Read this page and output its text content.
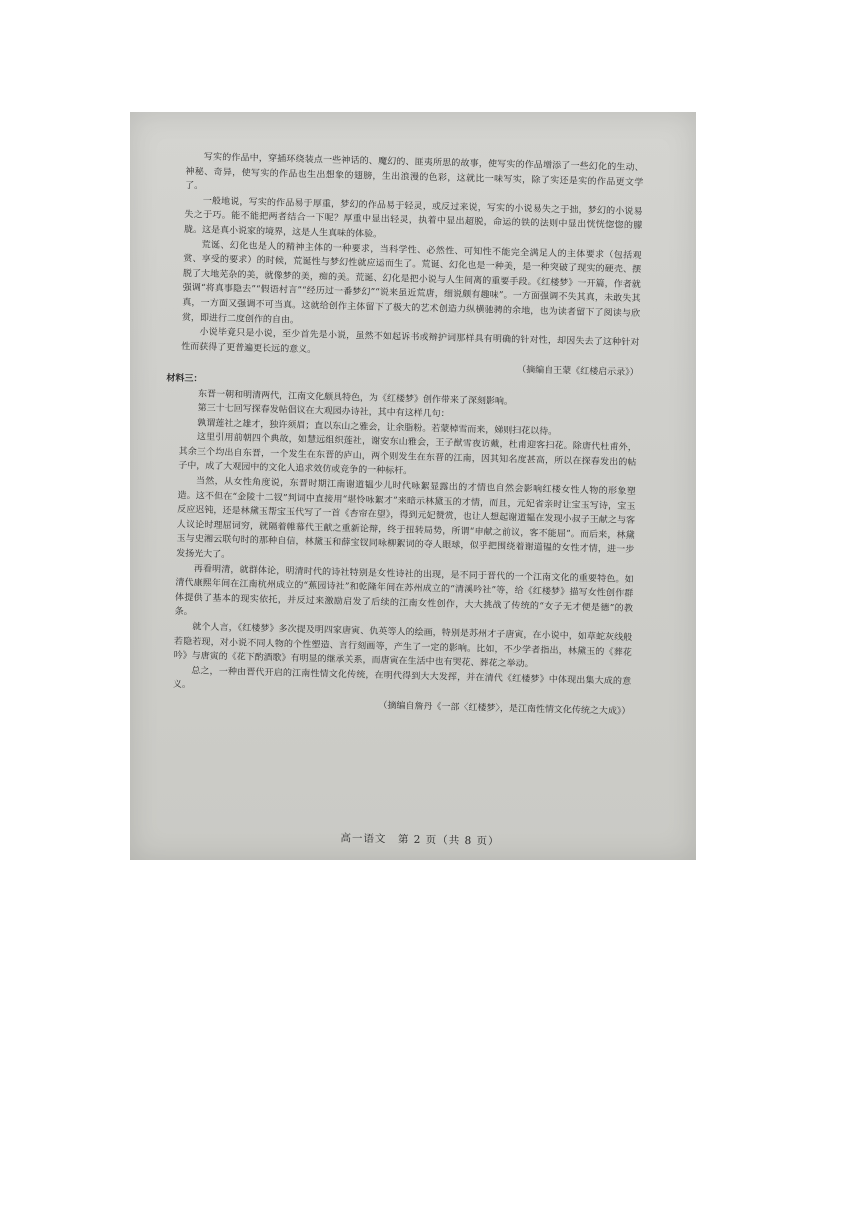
写实的作品中，穿插环绕装点一些神话的、魔幻的、匪夷所思的故事，使写实的作品增添了一些幻化的生动、神秘、奇异，使写实的作品也生出想象的翅膀，生出浪漫的色彩，这就比一味写实，除了实还是实的作品更文学了。

一般地说，写实的作品易于厚重，梦幻的作品易于轻灵，或反过来说，写实的小说易失之于拙，梦幻的小说易失之于巧。能不能把两者结合一下呢？厚重中显出轻灵，执着中显出超脱，命运的铁的法则中显出恍恍惚惚的朦胧。这是真小说家的境界，这是人生真味的体验。

荒诞、幻化也是人的精神主体的一种要求，当科学性、必然性、可知性不能完全满足人的主体要求（包括观赏、享受的要求）的时候，荒诞性与梦幻性就应运而生了。荒诞、幻化也是一种美，是一种突破了现实的硬壳、摆脱了大地芜杂的美，就像梦的美，痴的美。荒诞、幻化是把小说与人生间离的重要手段。《红楼梦》一开篇，作者就强调“将真事隐去”“假语村言”“经历过一番梦幻”“说来虽近荒唐，细说颇有趣味”。一方面强调不失其真，未敢失其真，一方面又强调不可当真。这就给创作主体留下了极大的艺术创造力纵横驰骋的余地，也为读者留下了阅读与欣赏，即进行二度创作的自由。

小说毕竟只是小说，至少首先是小说，虽然不如起诉书或辩护词那样具有明确的针对性，却因失去了这种针对性而获得了更普遍更长远的意义。

（摘编自王蒙《红楼启示录》）

材料三：

东晋一朝和明清两代，江南文化颇具特色，为《红楼梦》创作带来了深刻影响。

第三十七回写探春发帖倡议在大观园办诗社，其中有这样几句：

孰谓莲社之雄才，独许须眉；直以东山之雅会，让余脂粉。若蒙棹雪而来，娣则扫花以待。

这里引用前朝四个典故，如慧远组织莲社，谢安东山雅会，王子猷雪夜访戴，杜甫迎客扫花。除唐代杜甫外，其余三个均出自东晋，一个发生在东晋的庐山，两个则发生在东晋的江南，因其知名度甚高，所以在探春发出的帖子中，成了大观园中的文化人追求效仿或竞争的一种标杆。

当然，从女性角度说，东晋时期江南谢道韫少儿时代咏絮显露出的才情也自然会影响红楼女性人物的形象塑造。这不但在“金陵十二钗”判词中直接用“堪怜咏絮才”来暗示林黛玉的才情，而且，元妃省亲时让宝玉写诗，宝玉反应迟钝，还是林黛玉帮宝玉代写了一首《杏帘在望》，得到元妃赞赏，也让人想起谢道韫在发现小叔子王献之与客人议论时理屈词穷，就隔着帷幕代王献之重新论辩，终于扭转局势，所谓“申献之前议，客不能屈”。而后来，林黛玉与史湘云联句时的那种自信，林黛玉和薛宝钗同咏柳絮词的夺人眼球，似乎把围绕着谢道韫的女性才情，进一步发扬光大了。

再看明清，就群体论，明清时代的诗社特别是女性诗社的出现，是不同于晋代的一个江南文化的重要特色。如清代康熙年间在江南杭州成立的“蕉园诗社”和乾隆年间在苏州成立的“清溪吟社”等，给《红楼梦》描写女性创作群体提供了基本的现实依托，并反过来激励启发了后续的江南女性创作，大大挑战了传统的“女子无才便是德”的教条。

就个人言，《红楼梦》多次提及明四家唐寅、仇英等人的绘画，特别是苏州才子唐寅，在小说中，如草蛇灰线般若隐若现，对小说不同人物的个性塑造、言行刻画等，产生了一定的影响。比如，不少学者指出，林黛玉的《葬花吟》与唐寅的《花下酌酒歌》有明显的继承关系，而唐寅在生活中也有哭花、葬花之举动。

总之，一种由晋代开启的江南性情文化传统，在明代得到大大发挥，并在清代《红楼梦》中体现出集大成的意义。

（摘编自詹丹《一部〈红楼梦〉，是江南性情文化传统之大成》）

高一语文　第 2 页（共 8 页）
